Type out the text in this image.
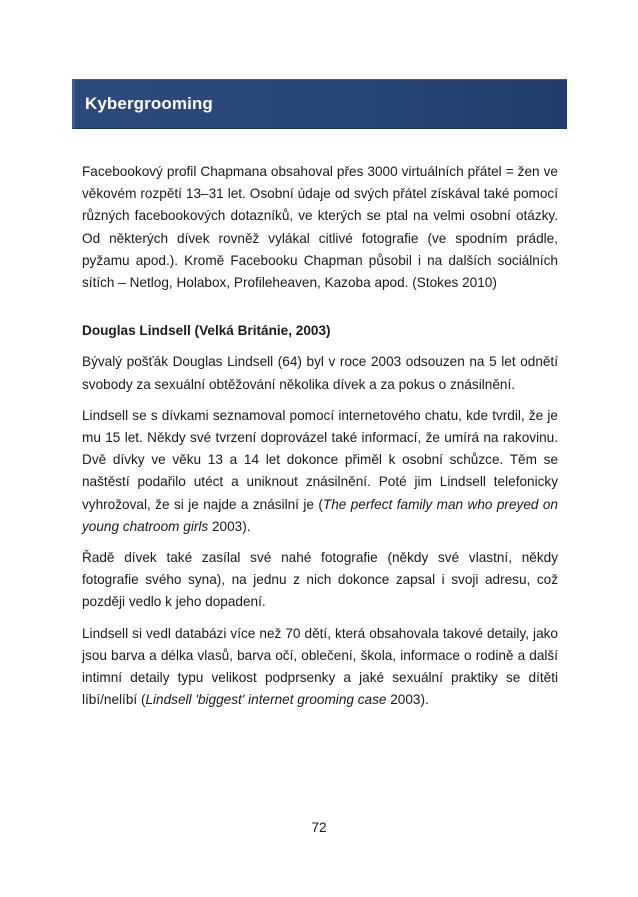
Kybergrooming

Facebookový profil Chapmana obsahoval přes 3000 virtuálních přátel = žen ve věkovém rozpětí 13–31 let. Osobní údaje od svých přátel získával také pomocí různých facebookových dotazníků, ve kterých se ptal na velmi osobní otázky. Od některých dívek rovněž vylákal citlivé fotografie (ve spodním prádle, pyžamu apod.). Kromě Facebooku Chapman působil i na dalších sociálních sítích – Netlog, Holabox, Profileheaven, Kazoba apod. (Stokes 2010)

Douglas Lindsell (Velká Británie, 2003)

Bývalý pošťák Douglas Lindsell (64) byl v roce 2003 odsouzen na 5 let odnětí svobody za sexuální obtěžování několika dívek a za pokus o znásilnění.

Lindsell se s dívkami seznamoval pomocí internetového chatu, kde tvrdil, že je mu 15 let. Někdy své tvrzení doprovázel také informací, že umírá na rakovinu. Dvě dívky ve věku 13 a 14 let dokonce přiměl k osobní schůzce. Těm se naštěstí podařilo utéct a uniknout znásilnění. Poté jim Lindsell telefonicky vyhrožoval, že si je najde a znásilní je (The perfect family man who preyed on young chatroom girls 2003).

Řadě dívek také zasílal své nahé fotografie (někdy své vlastní, někdy fotografie svého syna), na jednu z nich dokonce zapsal i svoji adresu, což později vedlo k jeho dopadení.

Lindsell si vedl databázi více než 70 dětí, která obsahovala takové detaily, jako jsou barva a délka vlasů, barva očí, oblečení, škola, informace o rodině a další intimní detaily typu velikost podprsenky a jaké sexuální praktiky se dítěti líbí/nelíbí (Lindsell 'biggest' internet grooming case 2003).

72
